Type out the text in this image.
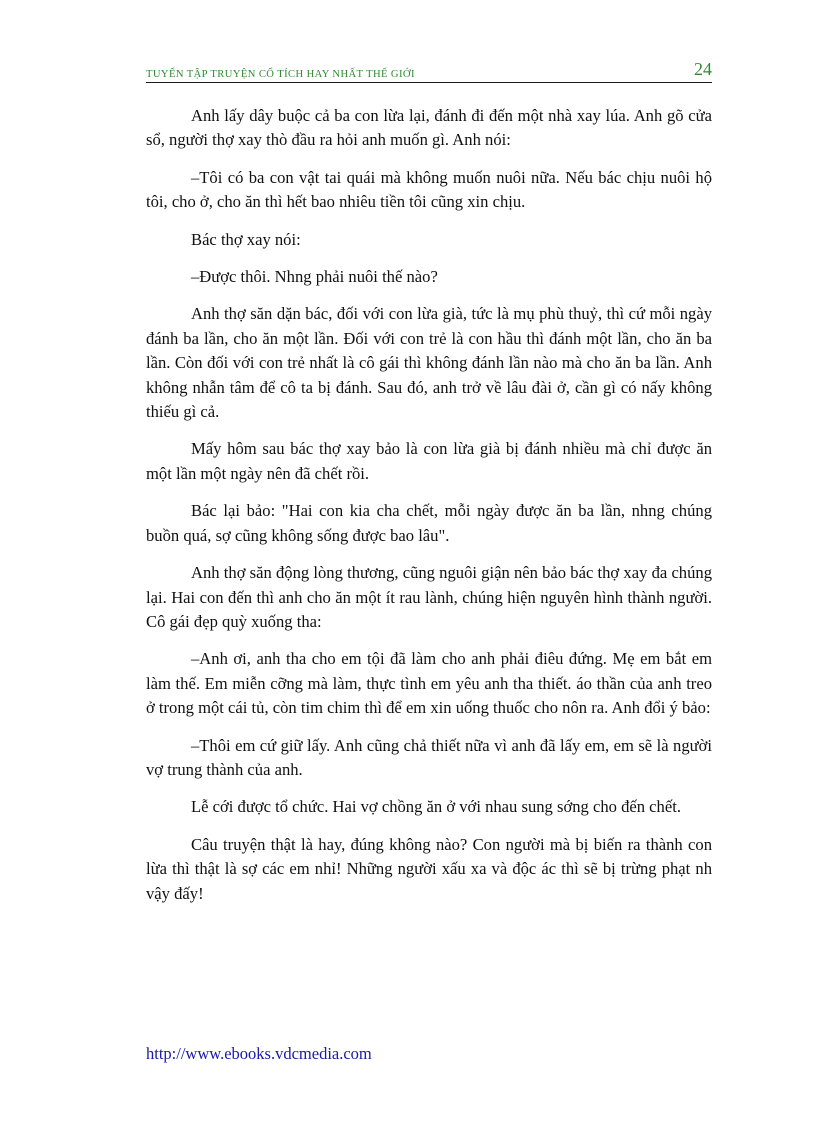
TUYỂN TẬP TRUYỆN CỔ TÍCH HAY NHẤT THẾ GIỚI	24

Anh lấy dây buộc cả ba con lừa lại, đánh đi đến một nhà xay lúa. Anh gõ cửa sổ, người thợ xay thò đầu ra hỏi anh muốn gì. Anh nói:

–Tôi có ba con vật tai quái mà không muốn nuôi nữa. Nếu bác chịu nuôi hộ tôi, cho ở, cho ăn thì hết bao nhiêu tiền tôi cũng xin chịu.

Bác thợ xay nói:

–Được thôi. Nhng phải nuôi thế nào?

Anh thợ săn dặn bác, đối với con lừa già, tức là mụ phù thuỷ, thì cứ mỗi ngày đánh ba lần, cho ăn một lần. Đối với con trẻ là con hầu thì đánh một lần, cho ăn ba lần. Còn đối với con trẻ nhất là cô gái thì không đánh lần nào mà cho ăn ba lần. Anh không nhẫn tâm để cô ta bị đánh. Sau đó, anh trở về lâu đài ở, cần gì có nấy không thiếu gì cả.

Mấy hôm sau bác thợ xay bảo là con lừa già bị đánh nhiều mà chỉ được ăn một lần một ngày nên đã chết rồi.

Bác lại bảo: "Hai con kia cha chết, mỗi ngày được ăn ba lần, nhng chúng buồn quá, sợ cũng không sống được bao lâu".

Anh thợ săn động lòng thương, cũng nguôi giận nên bảo bác thợ xay đa chúng lại. Hai con đến thì anh cho ăn một ít rau lành, chúng hiện nguyên hình thành người. Cô gái đẹp quỳ xuống tha:

–Anh ơi, anh tha cho em tội đã làm cho anh phải điêu đứng. Mẹ em bắt em làm thế. Em miễn cỡng mà làm, thực tình em yêu anh tha thiết. áo thần của anh treo ở trong một cái tủ, còn tim chim thì để em xin uống thuốc cho nôn ra. Anh đổi ý bảo:

–Thôi em cứ giữ lấy. Anh cũng chả thiết nữa vì anh đã lấy em, em sẽ là người vợ trung thành của anh.

Lễ cới được tổ chức. Hai vợ chồng ăn ở với nhau sung sớng cho đến chết.

Câu truyện thật là hay, đúng không nào? Con người mà bị biến ra thành con lừa thì thật là sợ các em nhỉ! Những người xấu xa và độc ác thì sẽ bị trừng phạt nh vậy đấy!

http://www.ebooks.vdcmedia.com
